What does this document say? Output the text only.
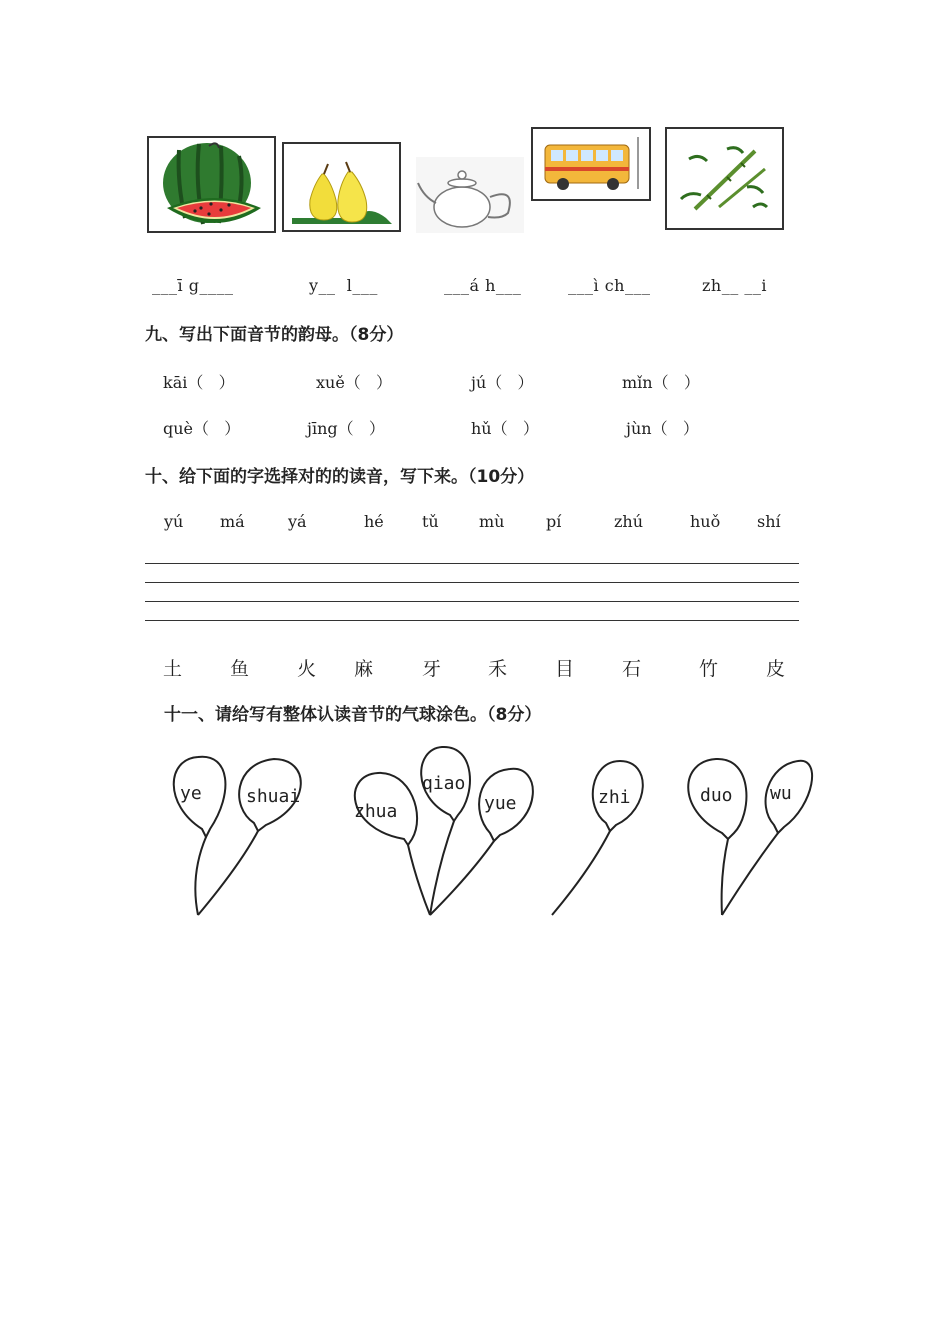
___ī g____	y__  l___	___á h___	___ì ch___	zh__ __i
九、写出下面音节的韵母。（8分）
kāi（   ）	xuě（   ）	jú（   ）	mǐn（   ）
què（   ）	jīng（   ）	hǔ（   ）	jùn（   ）
十、给下面的字选择对的的读音，写下来。（10分）
yú má	yá	hé tǔ	mù	pí	zhú	huǒ shí
土	鱼	火 麻	牙 禾	目	石	竹	皮
十一、请给写有整体认读音节的气球涂色。（8分）
ye shuai
zhua
qiao
yue	zhi	duo wu
